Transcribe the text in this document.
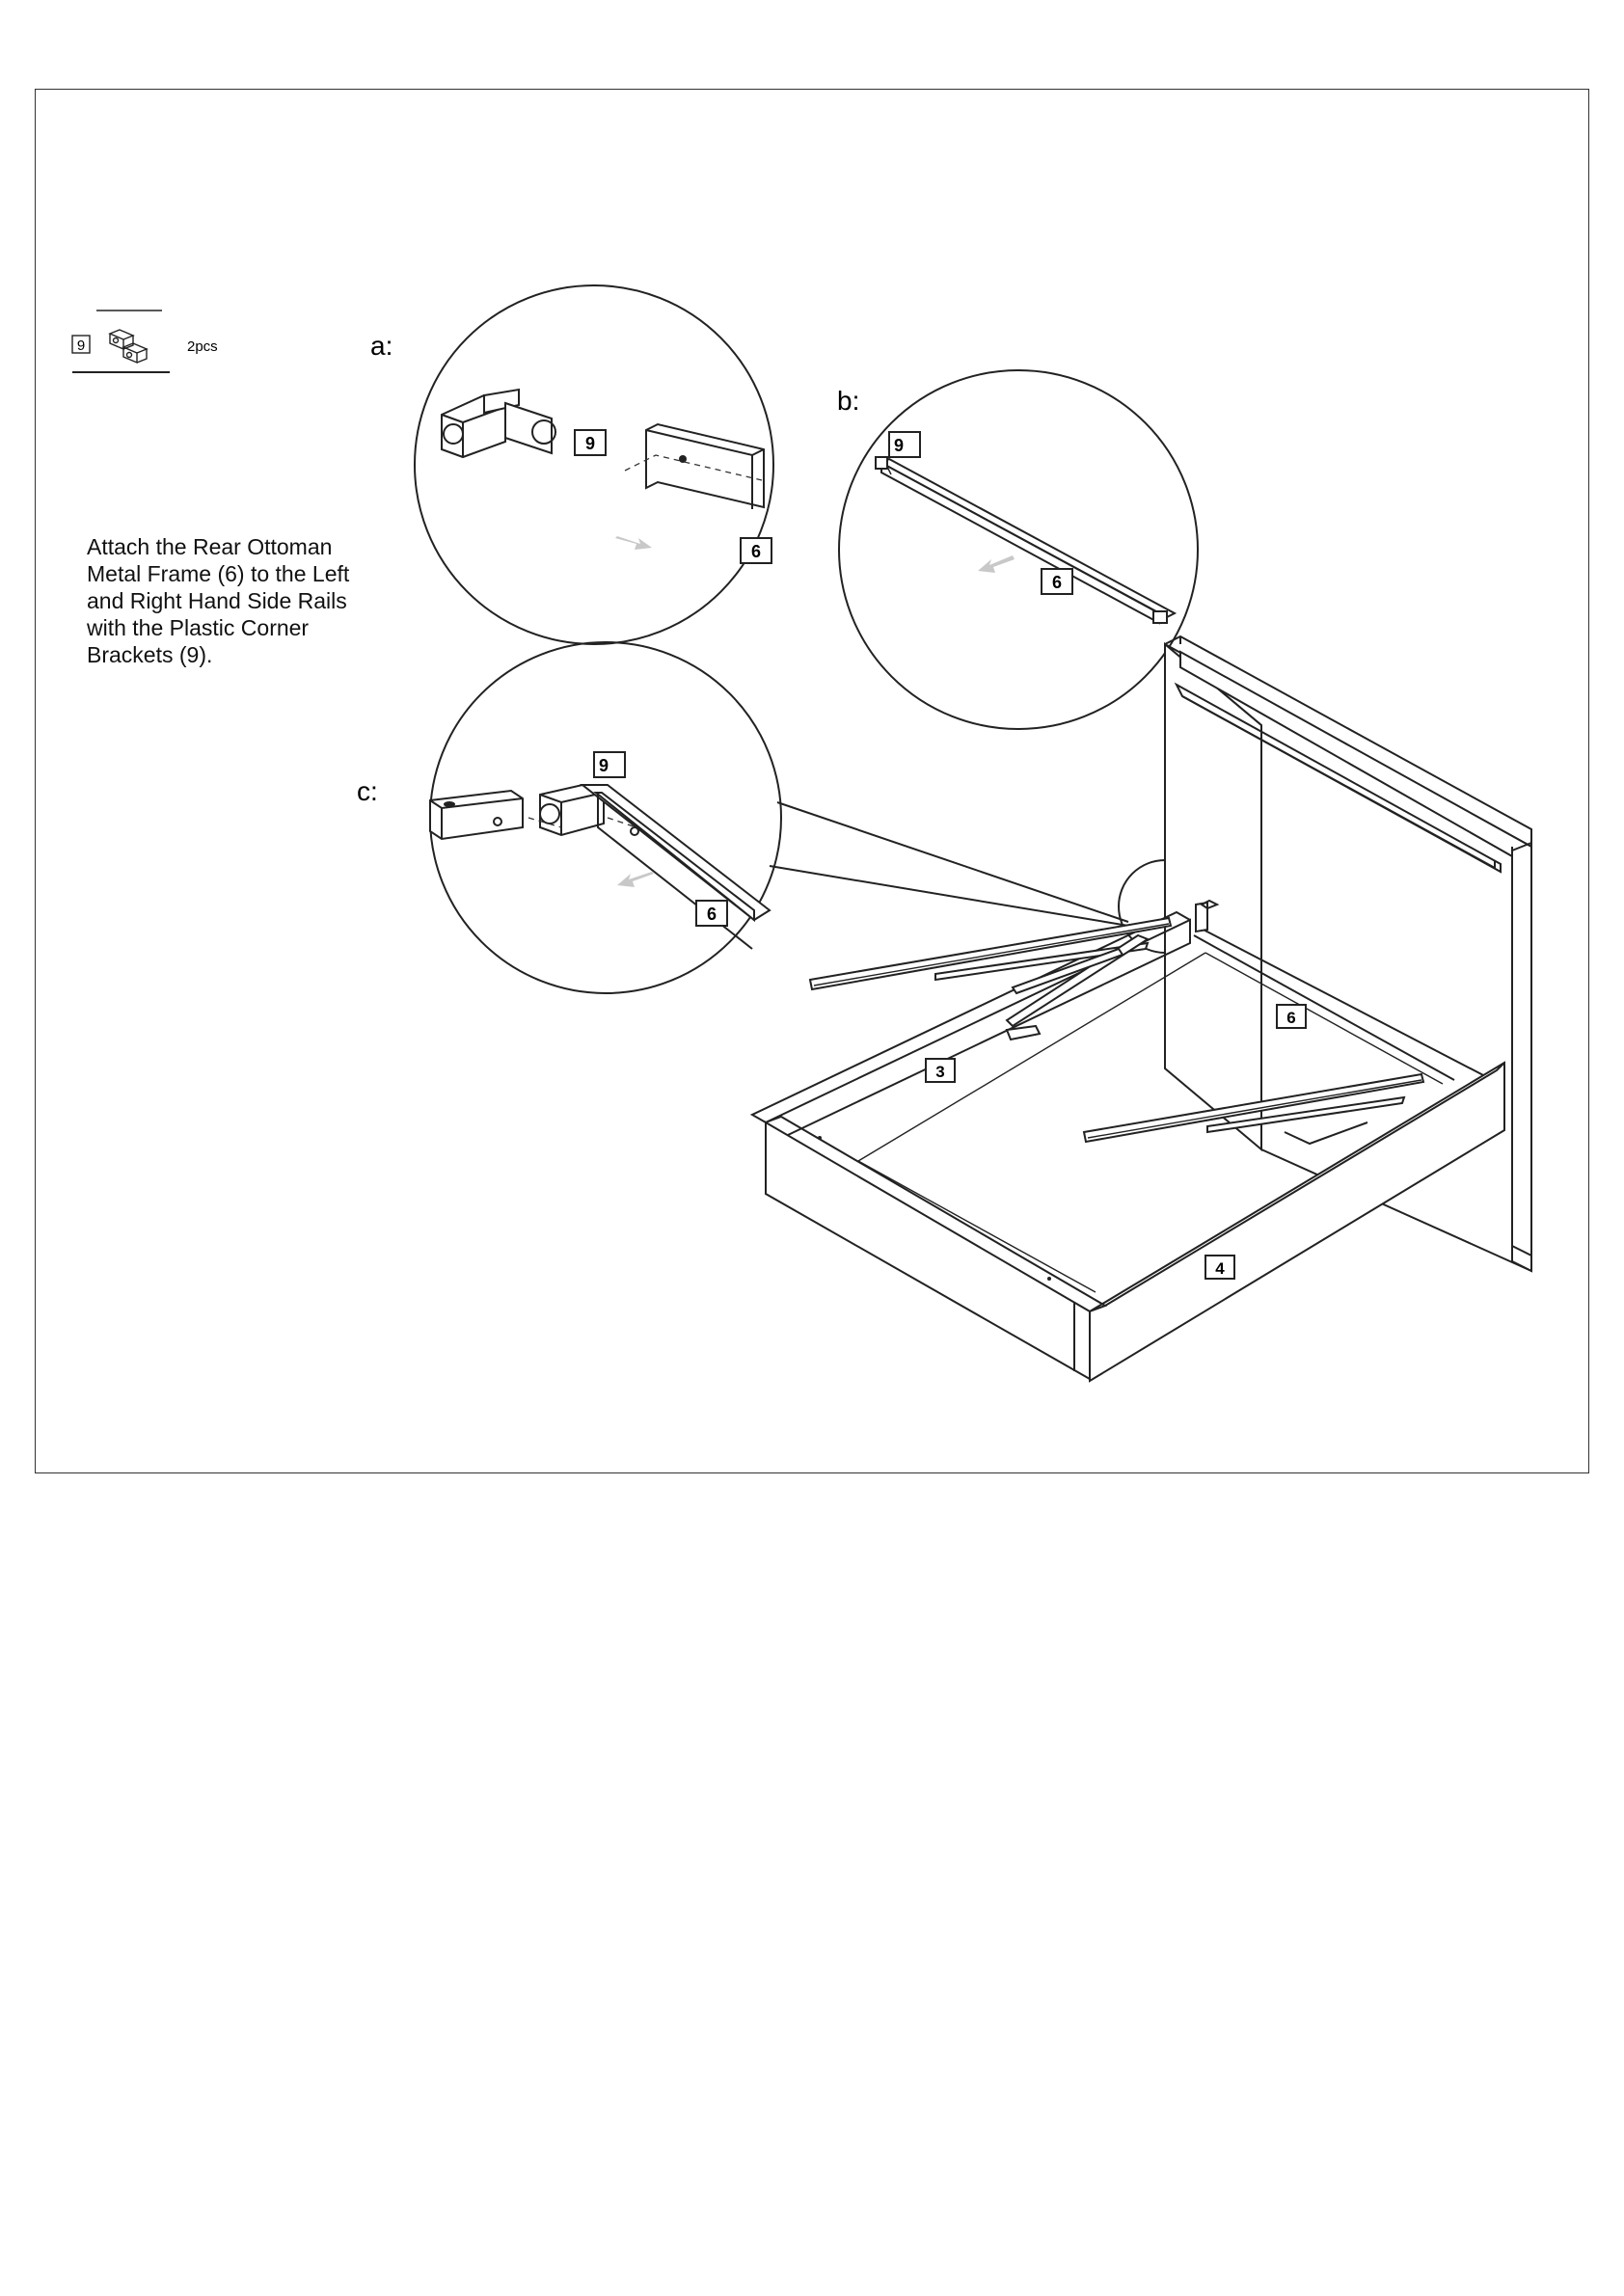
Attach the Rear Ottoman
Metal Frame (6) to the Left
and Right Hand Side Rails
with the Plastic Corner
Brackets (9).
9	2pcs	a:
9
6
b:
9
6
c:
9
6
3
4
6
